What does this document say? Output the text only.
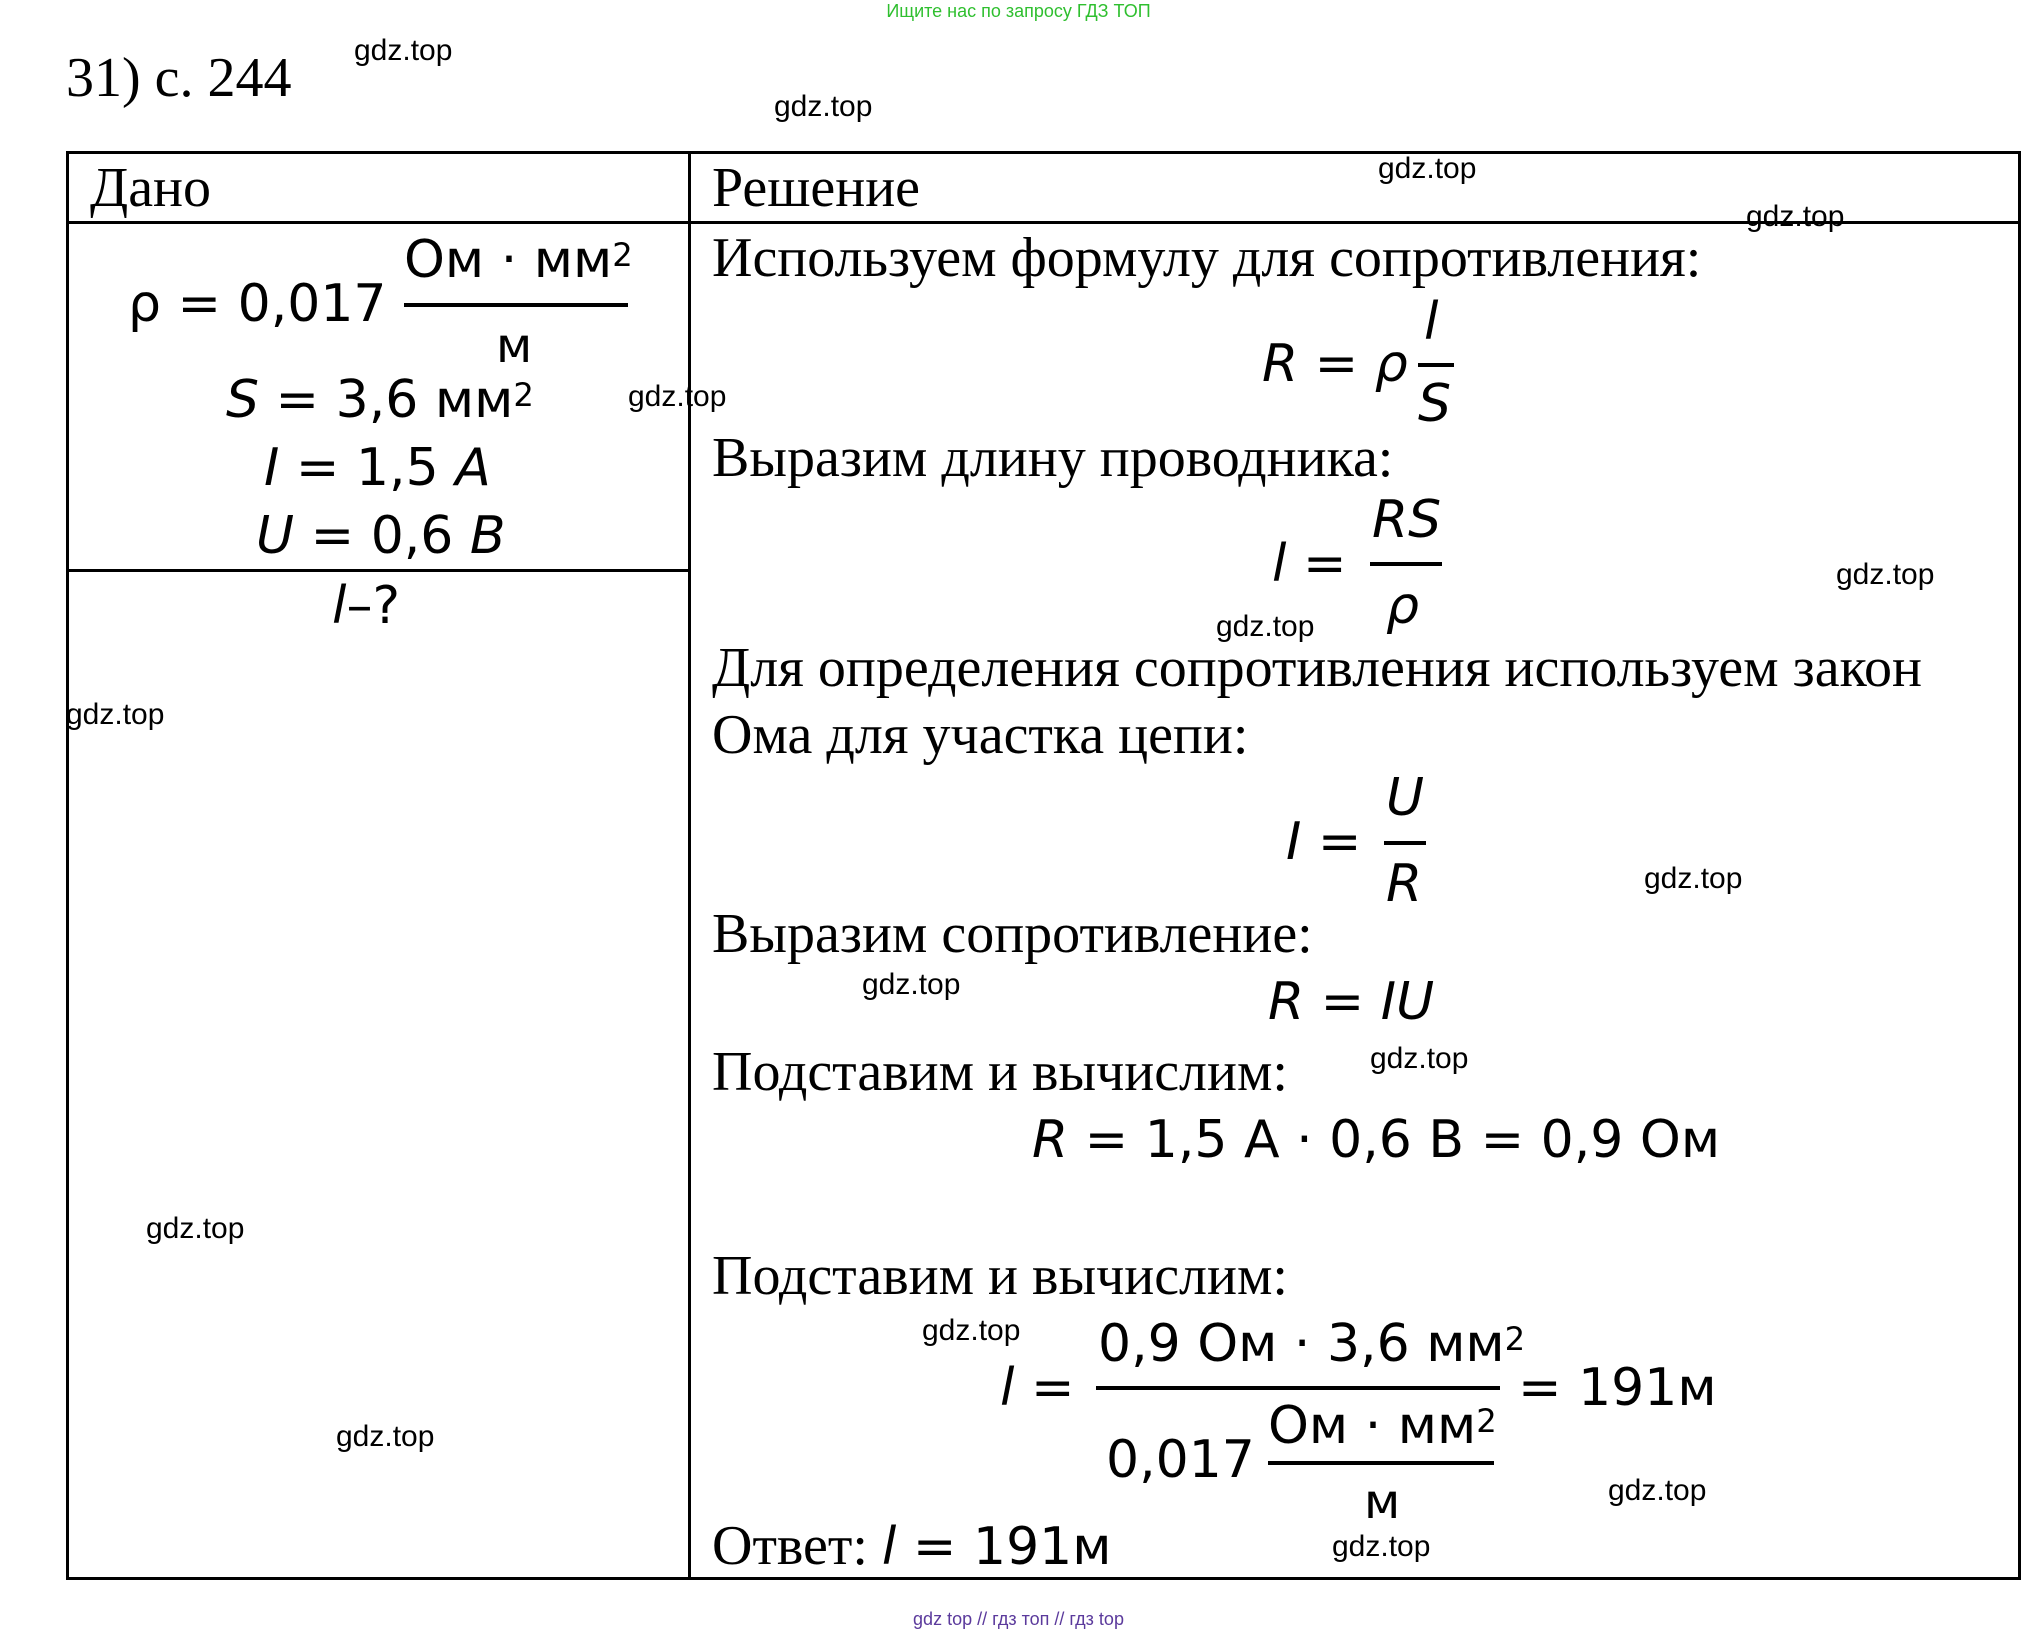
Ищите нас по запросу ГДЗ ТОП
gdz top // гдз топ // гдз top
31) с. 244
Дано	Решение
ρ = 0,017
Ом · $мм^2$
м
S = 3,6 $мм^2$
I = 1,5 A
U = 0,6 B
l–?
Используем формулу для сопротивления:
R = ρ
l
S
Выразим длину проводника:
l =
RS
ρ
Для определения сопротивления используем закон
Ома для участка цепи:
I =
U
R
Выразим сопротивление:
R = IU
Подставим и вычислим:
R = 1,5 А · 0,6 В = 0,9 Ом
Подставим и вычислим:
l =
0,9 Ом · 3,6 $мм^2$
0,017
Ом · $мм^2$
м
= 191м
Ответ: l = 191м
gdz.top
gdz.top
gdz.top
gdz.top
gdz.top
gdz.top
gdz.top
gdz.top
gdz.top
gdz.top
gdz.top
gdz.top
gdz.top
gdz.top
gdz.top
gdz.top
